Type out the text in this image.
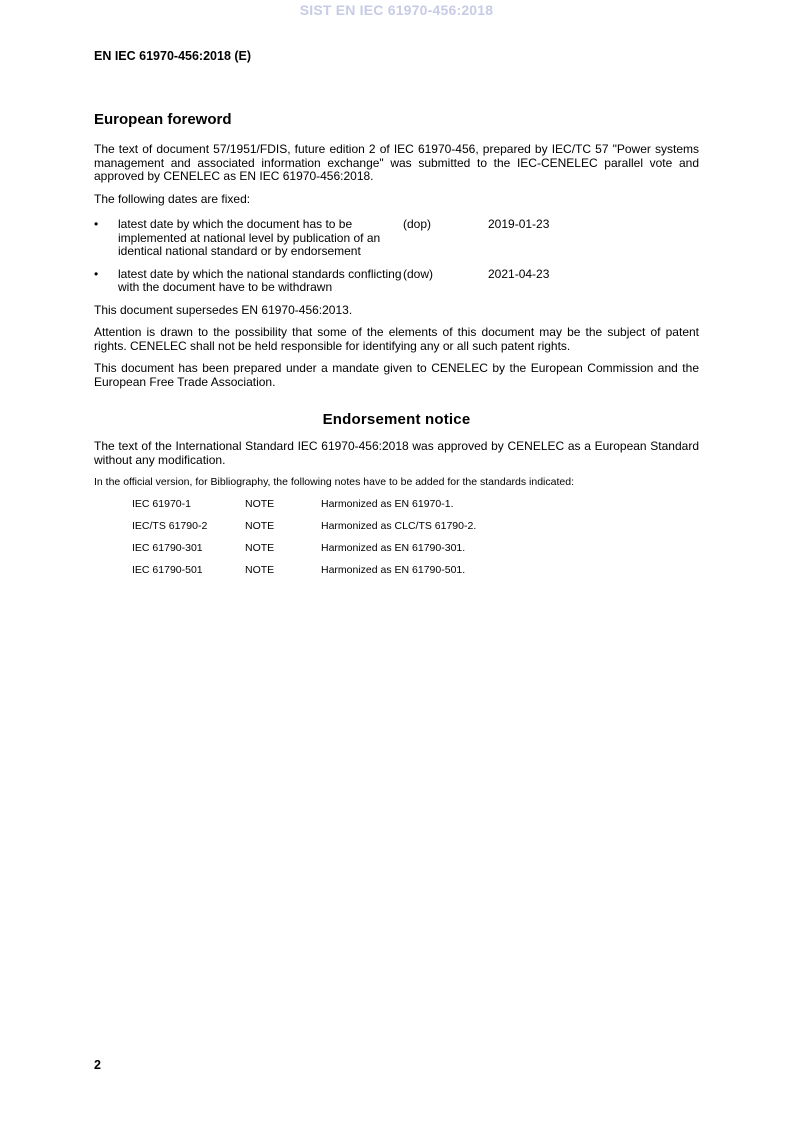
SIST EN IEC 61970-456:2018
EN IEC 61970-456:2018 (E)
European foreword

The text of document 57/1951/FDIS, future edition 2 of IEC 61970-456, prepared by IEC/TC 57 "Power systems management and associated information exchange" was submitted to the IEC-CENELEC parallel vote and approved by CENELEC as EN IEC 61970-456:2018.

The following dates are fixed:

•	latest date by which the document has to be implemented at national level by publication of an identical national standard or by endorsement
(dop)	2019-01-23
•	latest date by which the national standards conflicting with the document have to be withdrawn
(dow)	2021-04-23

This document supersedes EN 61970-456:2013.

Attention is drawn to the possibility that some of the elements of this document may be the subject of patent rights. CENELEC shall not be held responsible for identifying any or all such patent rights.

This document has been prepared under a mandate given to CENELEC by the European Commission and the European Free Trade Association.

Endorsement notice

The text of the International Standard IEC 61970-456:2018 was approved by CENELEC as a European Standard without any modification.

In the official version, for Bibliography, the following notes have to be added for the standards indicated:

IEC 61970-1	NOTE	Harmonized as EN 61970-1.
IEC/TS 61790-2	NOTE	Harmonized as CLC/TS 61790-2.
IEC 61790-301	NOTE	Harmonized as EN 61790-301.
IEC 61790-501	NOTE	Harmonized as EN 61790-501.
2
